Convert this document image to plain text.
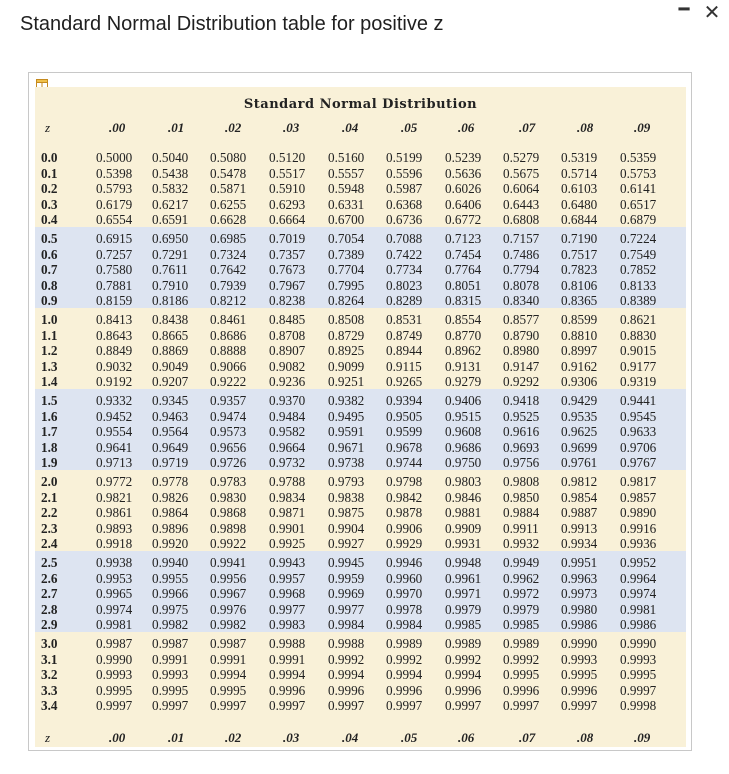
━ ✕
Standard Normal Distribution table for positive z
Standard Normal Distribution
z	.00	.01	.02	.03	.04	.05	.06	.07	.08	.09
0.0	0.5000 0.5040 0.5080 0.5120 0.5160 0.5199 0.5239 0.5279 0.5319 0.5359
0.1	0.5398 0.5438 0.5478 0.5517 0.5557 0.5596 0.5636 0.5675 0.5714 0.5753
0.2	0.5793 0.5832 0.5871 0.5910 0.5948 0.5987 0.6026 0.6064 0.6103 0.6141
0.3	0.6179 0.6217 0.6255 0.6293 0.6331 0.6368 0.6406 0.6443 0.6480 0.6517
0.4	0.6554 0.6591 0.6628 0.6664 0.6700 0.6736 0.6772 0.6808 0.6844 0.6879
0.5	0.6915 0.6950 0.6985 0.7019 0.7054 0.7088 0.7123 0.7157 0.7190 0.7224
0.6	0.7257 0.7291 0.7324 0.7357 0.7389 0.7422 0.7454 0.7486 0.7517 0.7549
0.7	0.7580 0.7611 0.7642 0.7673 0.7704 0.7734 0.7764 0.7794 0.7823 0.7852
0.8	0.7881 0.7910 0.7939 0.7967 0.7995 0.8023 0.8051 0.8078 0.8106 0.8133
0.9	0.8159 0.8186 0.8212 0.8238 0.8264 0.8289 0.8315 0.8340 0.8365 0.8389
1.0	0.8413 0.8438 0.8461 0.8485 0.8508 0.8531 0.8554 0.8577 0.8599 0.8621
1.1	0.8643 0.8665 0.8686 0.8708 0.8729 0.8749 0.8770 0.8790 0.8810 0.8830
1.2	0.8849 0.8869 0.8888 0.8907 0.8925 0.8944 0.8962 0.8980 0.8997 0.9015
1.3	0.9032 0.9049 0.9066 0.9082 0.9099 0.9115 0.9131 0.9147 0.9162 0.9177
1.4	0.9192 0.9207 0.9222 0.9236 0.9251 0.9265 0.9279 0.9292 0.9306 0.9319
1.5	0.9332 0.9345 0.9357 0.9370 0.9382 0.9394 0.9406 0.9418 0.9429 0.9441
1.6	0.9452 0.9463 0.9474 0.9484 0.9495 0.9505 0.9515 0.9525 0.9535 0.9545
1.7	0.9554 0.9564 0.9573 0.9582 0.9591 0.9599 0.9608 0.9616 0.9625 0.9633
1.8	0.9641 0.9649 0.9656 0.9664 0.9671 0.9678 0.9686 0.9693 0.9699 0.9706
1.9	0.9713 0.9719 0.9726 0.9732 0.9738 0.9744 0.9750 0.9756 0.9761 0.9767
2.0	0.9772 0.9778 0.9783 0.9788 0.9793 0.9798 0.9803 0.9808 0.9812 0.9817
2.1	0.9821 0.9826 0.9830 0.9834 0.9838 0.9842 0.9846 0.9850 0.9854 0.9857
2.2	0.9861 0.9864 0.9868 0.9871 0.9875 0.9878 0.9881 0.9884 0.9887 0.9890
2.3	0.9893 0.9896 0.9898 0.9901 0.9904 0.9906 0.9909 0.9911 0.9913 0.9916
2.4	0.9918 0.9920 0.9922 0.9925 0.9927 0.9929 0.9931 0.9932 0.9934 0.9936
2.5	0.9938 0.9940 0.9941 0.9943 0.9945 0.9946 0.9948 0.9949 0.9951 0.9952
2.6	0.9953 0.9955 0.9956 0.9957 0.9959 0.9960 0.9961 0.9962 0.9963 0.9964
2.7	0.9965 0.9966 0.9967 0.9968 0.9969 0.9970 0.9971 0.9972 0.9973 0.9974
2.8	0.9974 0.9975 0.9976 0.9977 0.9977 0.9978 0.9979 0.9979 0.9980 0.9981
2.9	0.9981 0.9982 0.9982 0.9983 0.9984 0.9984 0.9985 0.9985 0.9986 0.9986
3.0	0.9987 0.9987 0.9987 0.9988 0.9988 0.9989 0.9989 0.9989 0.9990 0.9990
3.1	0.9990 0.9991 0.9991 0.9991 0.9992 0.9992 0.9992 0.9992 0.9993 0.9993
3.2	0.9993 0.9993 0.9994 0.9994 0.9994 0.9994 0.9994 0.9995 0.9995 0.9995
3.3	0.9995 0.9995 0.9995 0.9996 0.9996 0.9996 0.9996 0.9996 0.9996 0.9997
3.4	0.9997 0.9997 0.9997 0.9997 0.9997 0.9997 0.9997 0.9997 0.9997 0.9998
z	.00	.01	.02	.03	.04	.05	.06	.07	.08	.09
